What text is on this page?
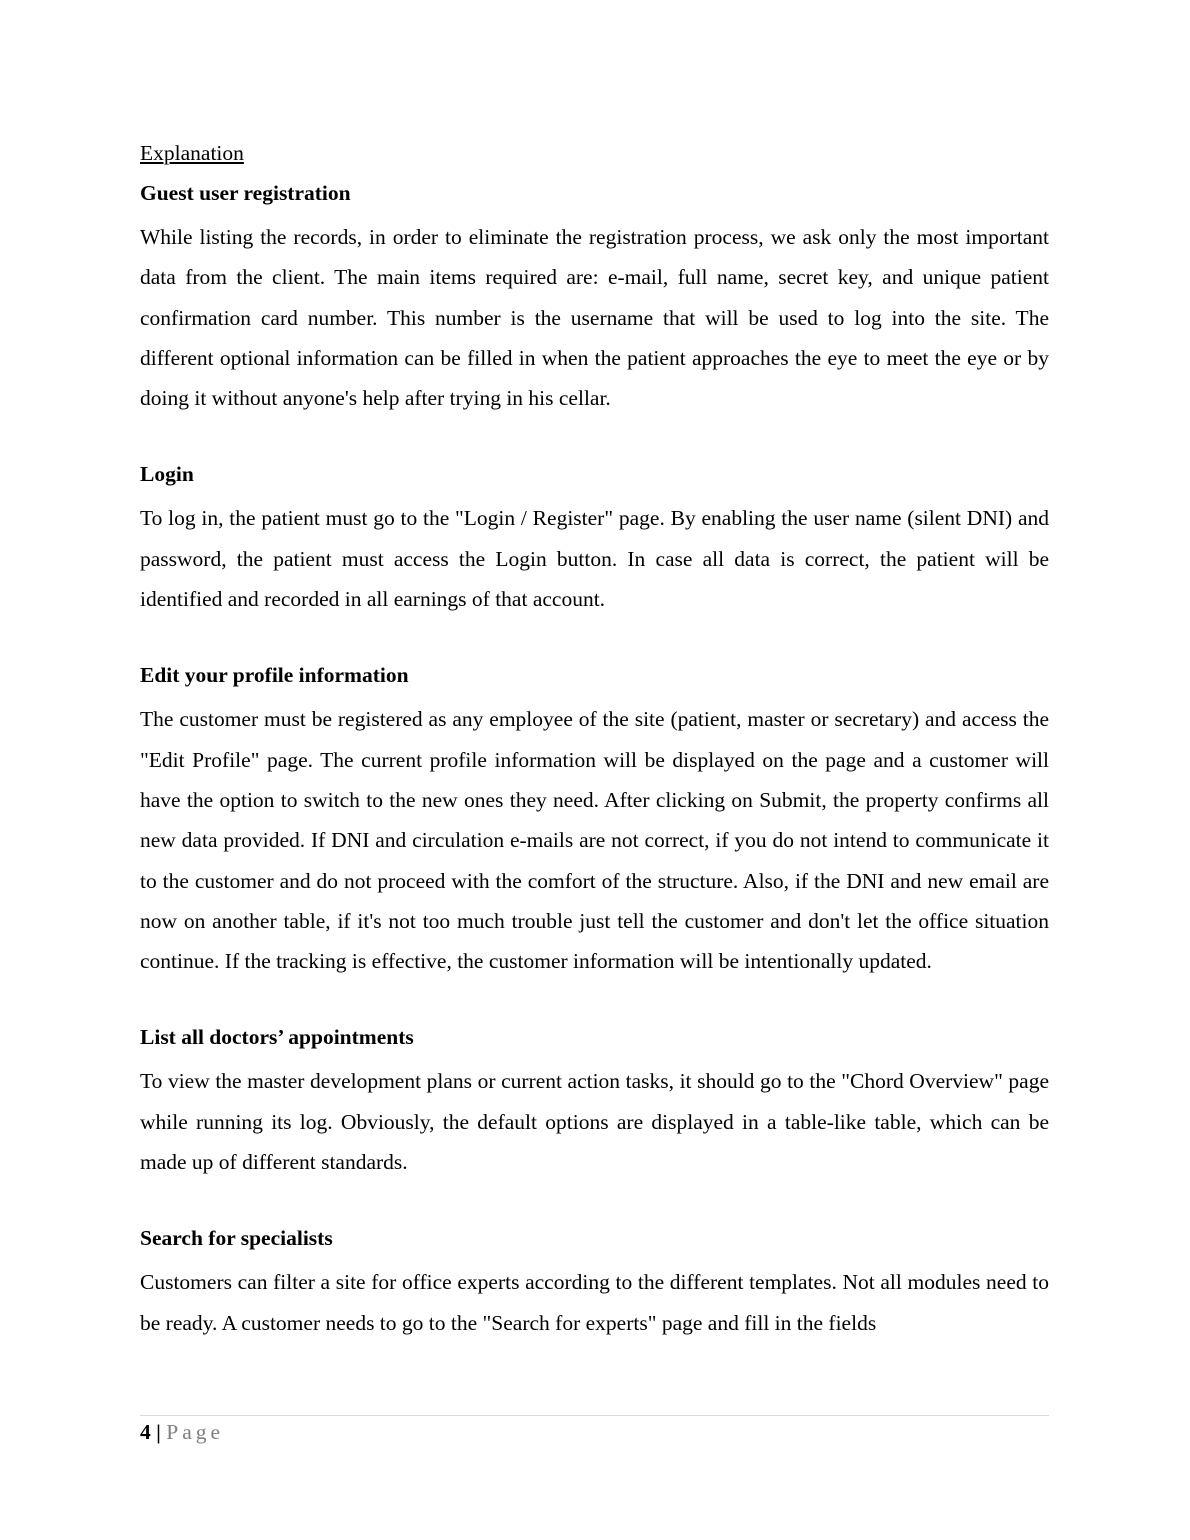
Explanation
Guest user registration

While listing the records, in order to eliminate the registration process, we ask only the most important data from the client. The main items required are: e-mail, full name, secret key, and unique patient confirmation card number. This number is the username that will be used to log into the site. The different optional information can be filled in when the patient approaches the eye to meet the eye or by doing it without anyone's help after trying in his cellar.

Login

To log in, the patient must go to the "Login / Register" page. By enabling the user name (silent DNI) and password, the patient must access the Login button. In case all data is correct, the patient will be identified and recorded in all earnings of that account.

Edit your profile information

The customer must be registered as any employee of the site (patient, master or secretary) and access the "Edit Profile" page. The current profile information will be displayed on the page and a customer will have the option to switch to the new ones they need. After clicking on Submit, the property confirms all new data provided. If DNI and circulation e-mails are not correct, if you do not intend to communicate it to the customer and do not proceed with the comfort of the structure. Also, if the DNI and new email are now on another table, if it's not too much trouble just tell the customer and don't let the office situation continue. If the tracking is effective, the customer information will be intentionally updated.

List all doctors’ appointments

To view the master development plans or current action tasks, it should go to the "Chord Overview" page while running its log. Obviously, the default options are displayed in a table-like table, which can be made up of different standards.

Search for specialists

Customers can filter a site for office experts according to the different templates. Not all modules need to be ready. A customer needs to go to the "Search for experts" page and fill in the fields

4 | Page
